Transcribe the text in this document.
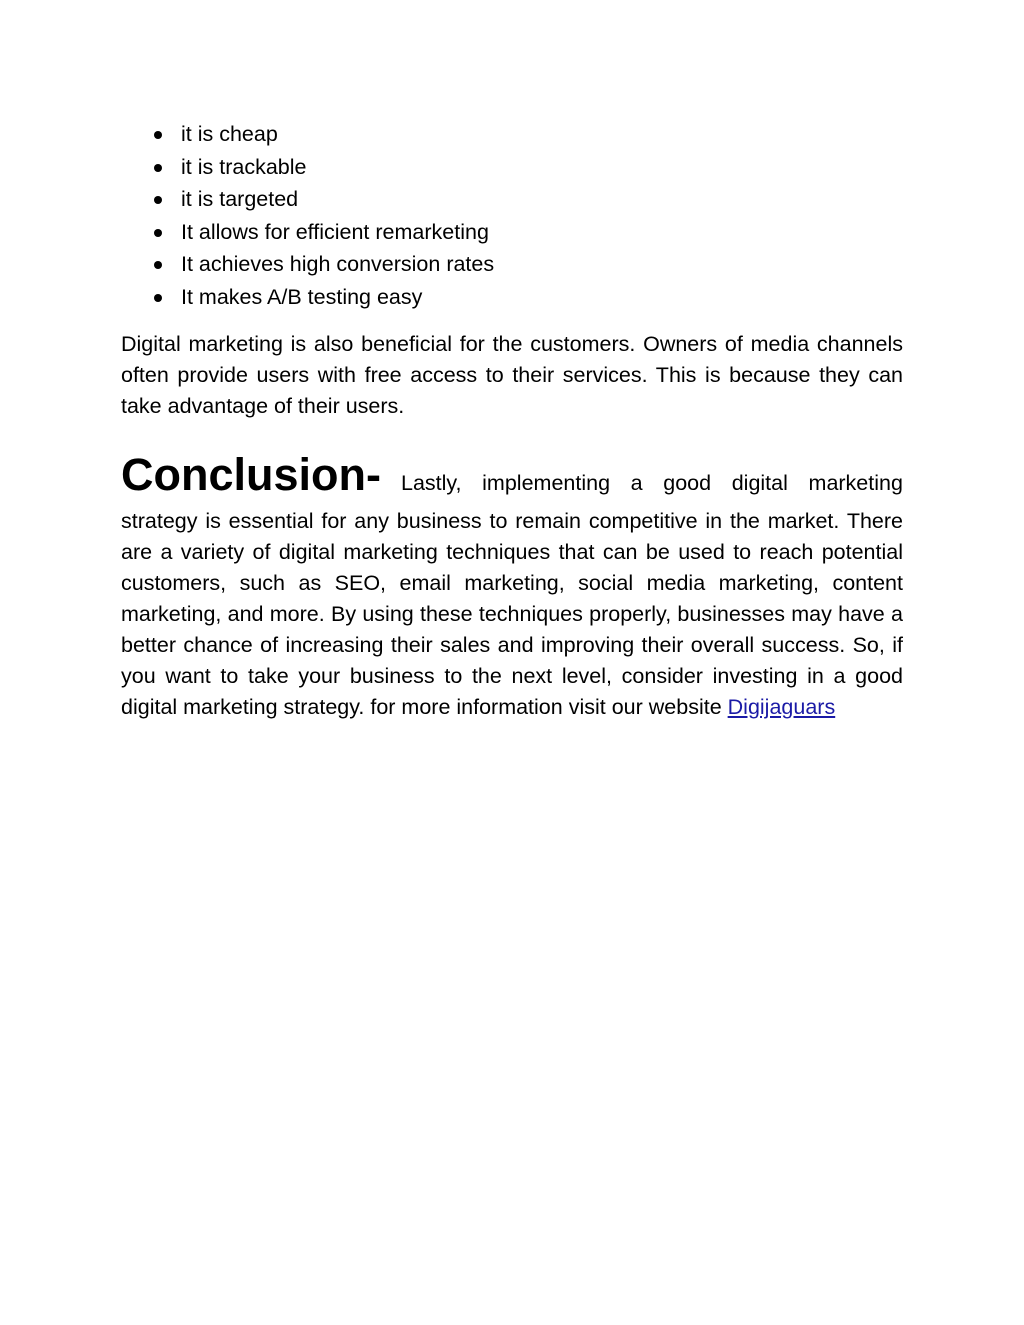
it is cheap
it is trackable
it is targeted
It allows for efficient remarketing
It achieves high conversion rates
It makes A/B testing easy

Digital marketing is also beneficial for the customers. Owners of media channels often provide users with free access to their services. This is because they can take advantage of their users.

Conclusion- Lastly, implementing a good digital marketing

strategy is essential for any business to remain competitive in the market. There are a variety of digital marketing techniques that can be used to reach potential customers, such as SEO, email marketing, social media marketing, content marketing, and more. By using these techniques properly, businesses may have a better chance of increasing their sales and improving their overall success. So, if you want to take your business to the next level, consider investing in a good digital marketing strategy. for more information visit our website Digijaguars
